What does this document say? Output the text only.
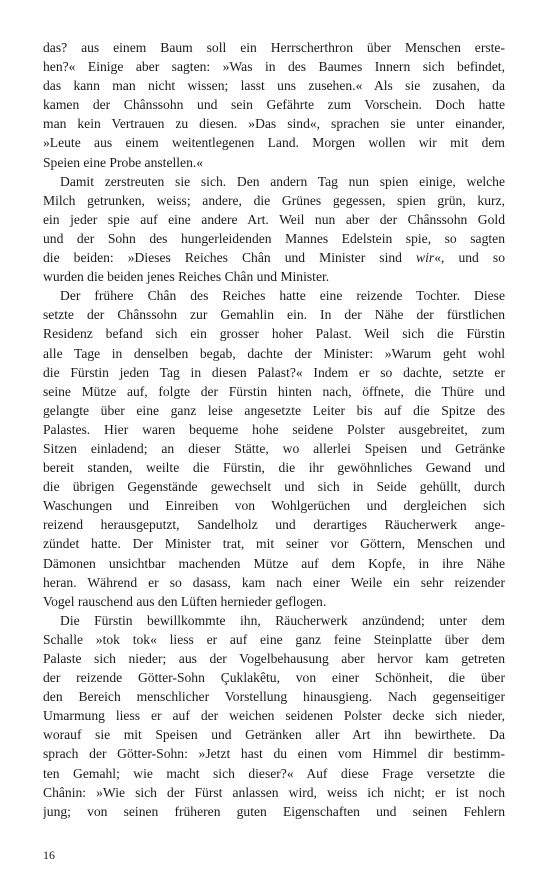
das? aus einem Baum soll ein Herrscherthron über Menschen erste-
hen?« Einige aber sagten: »Was in des Baumes Innern sich befindet,
das kann man nicht wissen; lasst uns zusehen.« Als sie zusahen, da
kamen der Chânssohn und sein Gefährte zum Vorschein. Doch hatte
man kein Vertrauen zu diesen. »Das sind«, sprachen sie unter einander,
»Leute aus einem weitentlegenen Land. Morgen wollen wir mit dem
Speien eine Probe anstellen.«
Damit zerstreuten sie sich. Den andern Tag nun spien einige, welche
Milch getrunken, weiss; andere, die Grünes gegessen, spien grün, kurz,
ein jeder spie auf eine andere Art. Weil nun aber der Chânssohn Gold
und der Sohn des hungerleidenden Mannes Edelstein spie, so sagten
die beiden: »Dieses Reiches Chân und Minister sind wir«, und so
wurden die beiden jenes Reiches Chân und Minister.
Der frühere Chân des Reiches hatte eine reizende Tochter. Diese
setzte der Chânssohn zur Gemahlin ein. In der Nähe der fürstlichen
Residenz befand sich ein grosser hoher Palast. Weil sich die Fürstin
alle Tage in denselben begab, dachte der Minister: »Warum geht wohl
die Fürstin jeden Tag in diesen Palast?« Indem er so dachte, setzte er
seine Mütze auf, folgte der Fürstin hinten nach, öffnete, die Thüre und
gelangte über eine ganz leise angesetzte Leiter bis auf die Spitze des
Palastes. Hier waren bequeme hohe seidene Polster ausgebreitet, zum
Sitzen einladend; an dieser Stätte, wo allerlei Speisen und Getränke
bereit standen, weilte die Fürstin, die ihr gewöhnliches Gewand und
die übrigen Gegenstände gewechselt und sich in Seide gehüllt, durch
Waschungen und Einreiben von Wohlgerüchen und dergleichen sich
reizend herausgeputzt, Sandelholz und derartiges Räucherwerk ange-
zündet hatte. Der Minister trat, mit seiner vor Göttern, Menschen und
Dämonen unsichtbar machenden Mütze auf dem Kopfe, in ihre Nähe
heran. Während er so dasass, kam nach einer Weile ein sehr reizender
Vogel rauschend aus den Lüften hernieder geflogen.
Die Fürstin bewillkommte ihn, Räucherwerk anzündend; unter dem
Schalle »tok tok« liess er auf eine ganz feine Steinplatte über dem
Palaste sich nieder; aus der Vogelbehausung aber hervor kam getreten
der reizende Götter-Sohn Çuklakêtu, von einer Schönheit, die über
den Bereich menschlicher Vorstellung hinausgieng. Nach gegenseitiger
Umarmung liess er auf der weichen seidenen Polster decke sich nieder,
worauf sie mit Speisen und Getränken aller Art ihn bewirthete. Da
sprach der Götter-Sohn: »Jetzt hast du einen vom Himmel dir bestimm-
ten Gemahl; wie macht sich dieser?« Auf diese Frage versetzte die
Chânin: »Wie sich der Fürst anlassen wird, weiss ich nicht; er ist noch
jung; von seinen früheren guten Eigenschaften und seinen Fehlern
16
